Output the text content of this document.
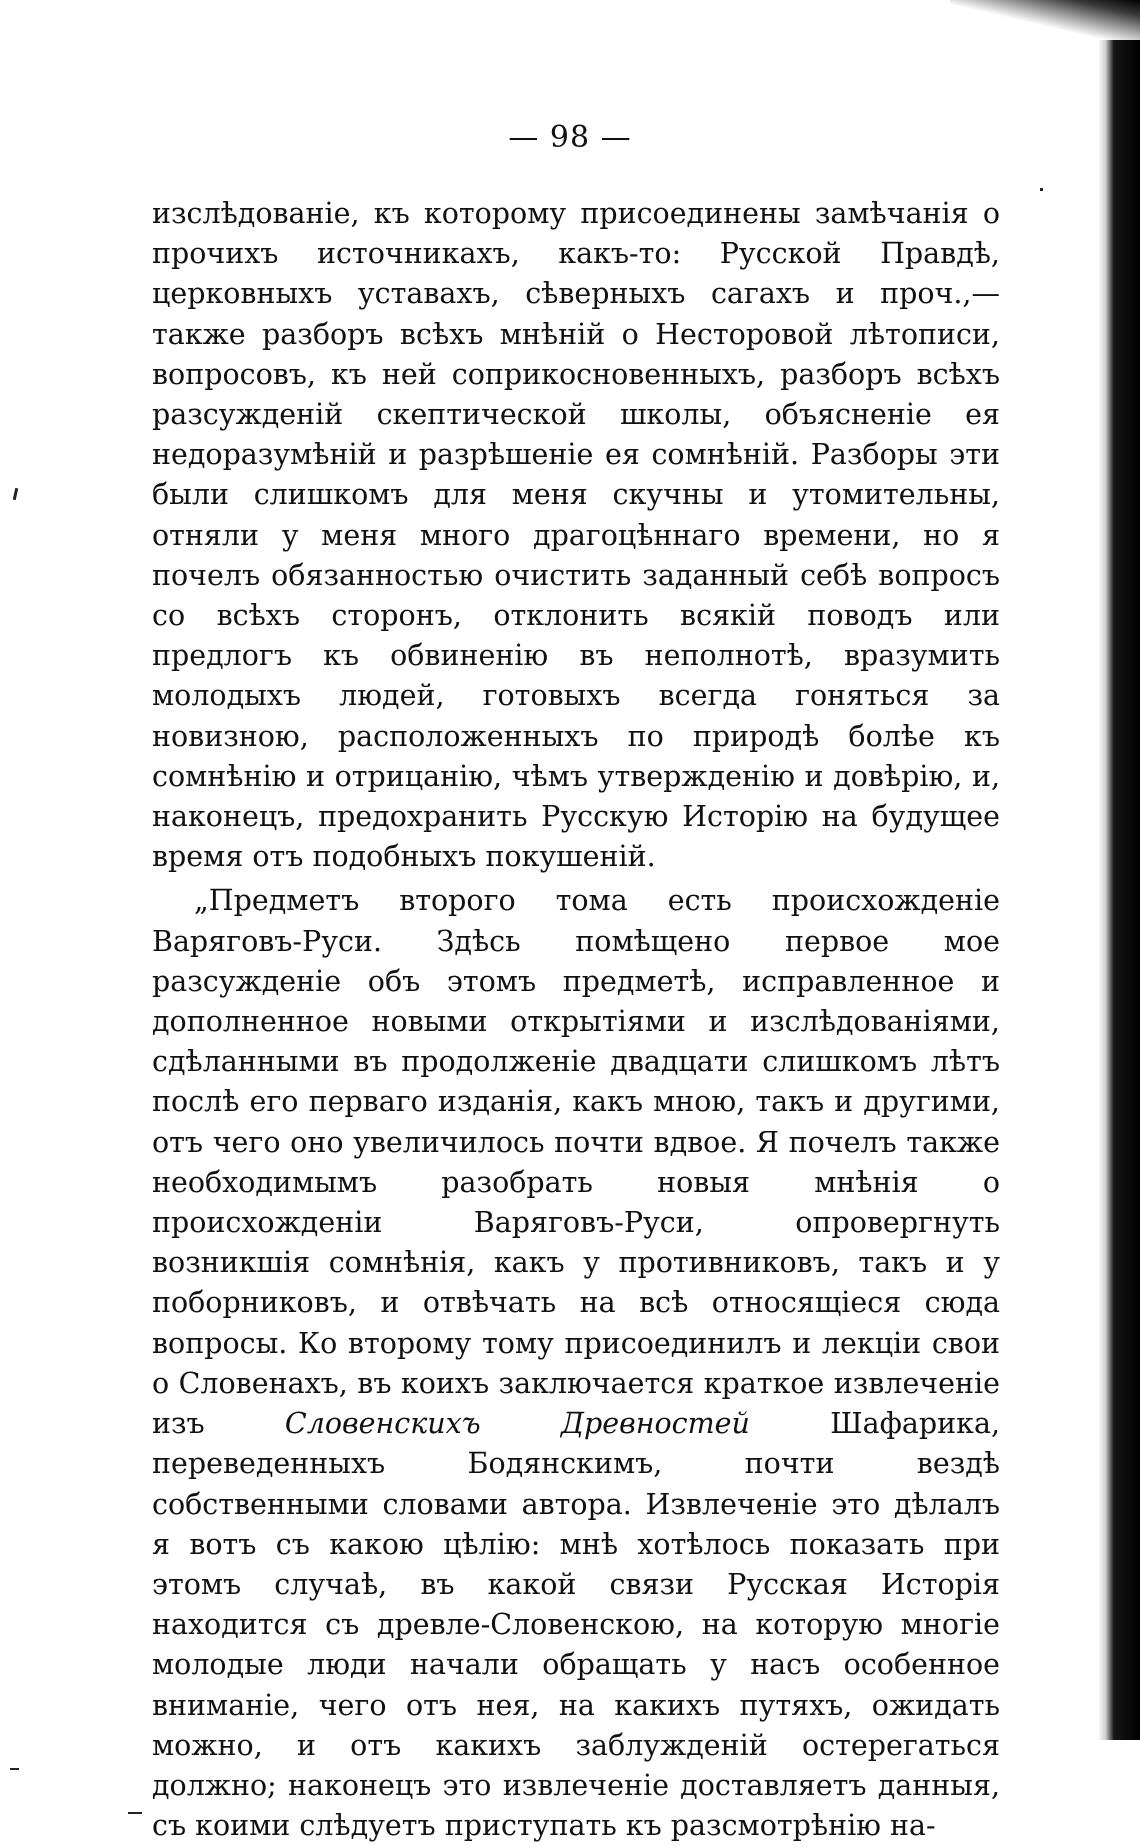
— 98 —

изслѣдованіе, къ которому присоединены замѣчанія о прочихъ источникахъ, какъ-то: Русской Правдѣ, церковныхъ уставахъ, сѣверныхъ сагахъ и проч.,—также разборъ всѣхъ мнѣній о Несторовой лѣтописи, вопросовъ, къ ней соприкосновенныхъ, разборъ всѣхъ разсужденій скептической школы, объясненіе ея недоразумѣній и разрѣшеніе ея сомнѣній. Разборы эти были слишкомъ для меня скучны и утомительны, отняли у меня много драгоцѣннаго времени, но я почелъ обязанностью очистить заданный себѣ вопросъ со всѣхъ сторонъ, отклонить всякій поводъ или предлогъ къ обвиненію въ неполнотѣ, вразумить молодыхъ людей, готовыхъ всегда гоняться за новизною, расположенныхъ по природѣ болѣе къ сомнѣнію и отрицанію, чѣмъ утвержденію и довѣрію, и, наконецъ, предохранить Русскую Исторію на будущее время отъ подобныхъ покушеній.

„Предметъ второго тома есть происхожденіе Варяговъ-Руси. Здѣсь помѣщено первое мое разсужденіе объ этомъ предметѣ, исправленное и дополненное новыми открытіями и изслѣдованіями, сдѣланными въ продолженіе двадцати слишкомъ лѣтъ послѣ его перваго изданія, какъ мною, такъ и другими, отъ чего оно увеличилось почти вдвое. Я почелъ также необходимымъ разобрать новыя мнѣнія о происхожденіи Варяговъ-Руси, опровергнуть возникшія сомнѣнія, какъ у противниковъ, такъ и у поборниковъ, и отвѣчать на всѣ относящіеся сюда вопросы. Ко второму тому присоединилъ и лекціи свои о Словенахъ, въ коихъ заключается краткое извлеченіе изъ	Словенскихъ Древностей	Шафарика, переведенныхъ Бодянскимъ, почти вездѣ собственными словами автора. Извлеченіе это дѣлалъ я вотъ съ какою цѣлію: мнѣ хотѣлось показать при этомъ случаѣ, въ какой связи Русская Исторія находится съ древле-Словенскою, на которую многіе молодые люди начали обращать у насъ особенное вниманіе, чего отъ нея, на какихъ путяхъ, ожидать можно, и отъ какихъ заблужденій остерегаться должно; наконецъ это извлеченіе доставляетъ данныя, съ коими слѣдуетъ приступать къ разсмотрѣнію на-
